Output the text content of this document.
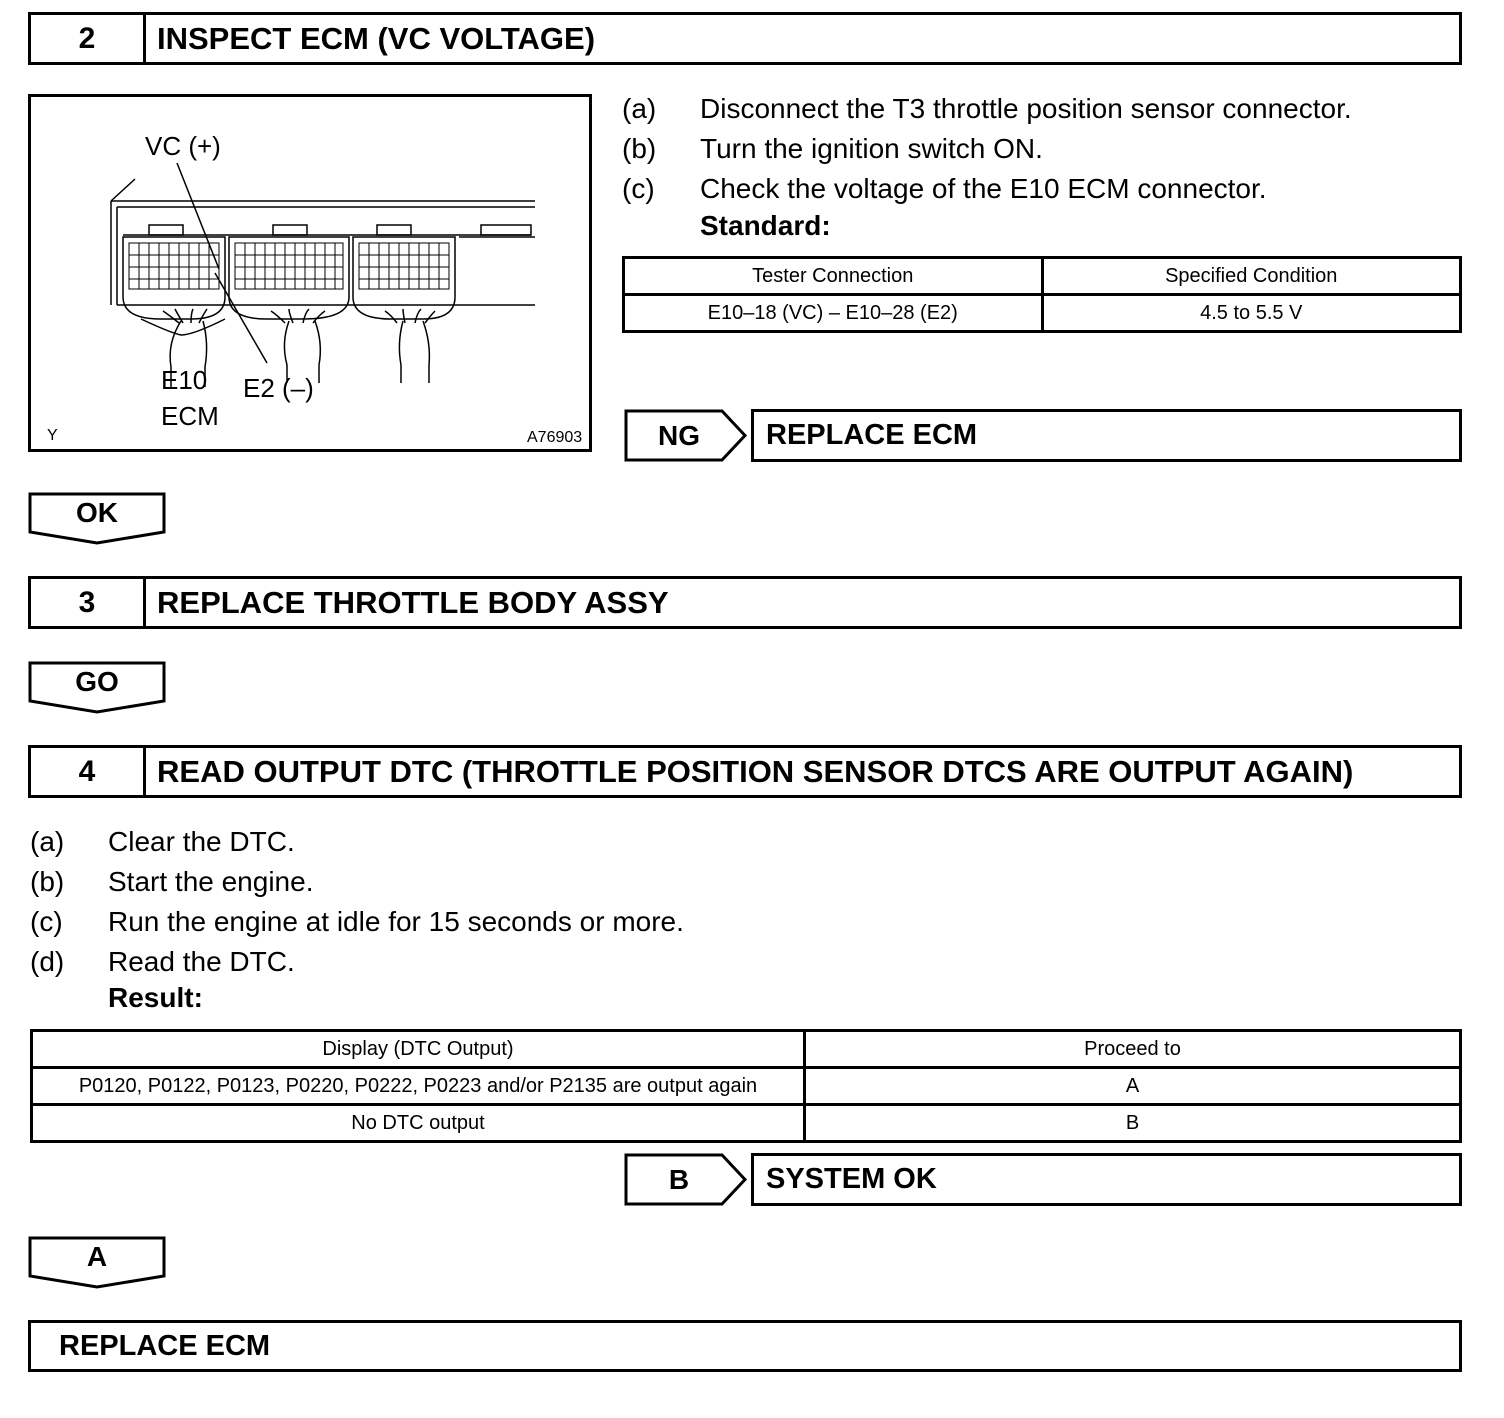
2	INSPECT ECM (VC VOLTAGE)
VC (+)
E10
ECM
E2 (–)
Y	A76903
(a)	Disconnect the T3 throttle position sensor connector.
(b)	Turn the ignition switch ON.
(c)	Check the voltage of the E10 ECM connector.
Standard:
Tester Connection	Specified Condition
E10–18 (VC) – E10–28 (E2)	4.5 to 5.5 V
NG	REPLACE ECM
OK
3	REPLACE THROTTLE BODY ASSY
GO
4	READ OUTPUT DTC (THROTTLE POSITION SENSOR DTCS ARE OUTPUT AGAIN)
(a)	Clear the DTC.
(b)	Start the engine.
(c)	Run the engine at idle for 15 seconds or more.
(d)	Read the DTC.
Result:
Display (DTC Output)	Proceed to
P0120, P0122, P0123, P0220, P0222, P0223 and/or P2135 are output again	A
No DTC output	B
B	SYSTEM OK
A
REPLACE ECM
